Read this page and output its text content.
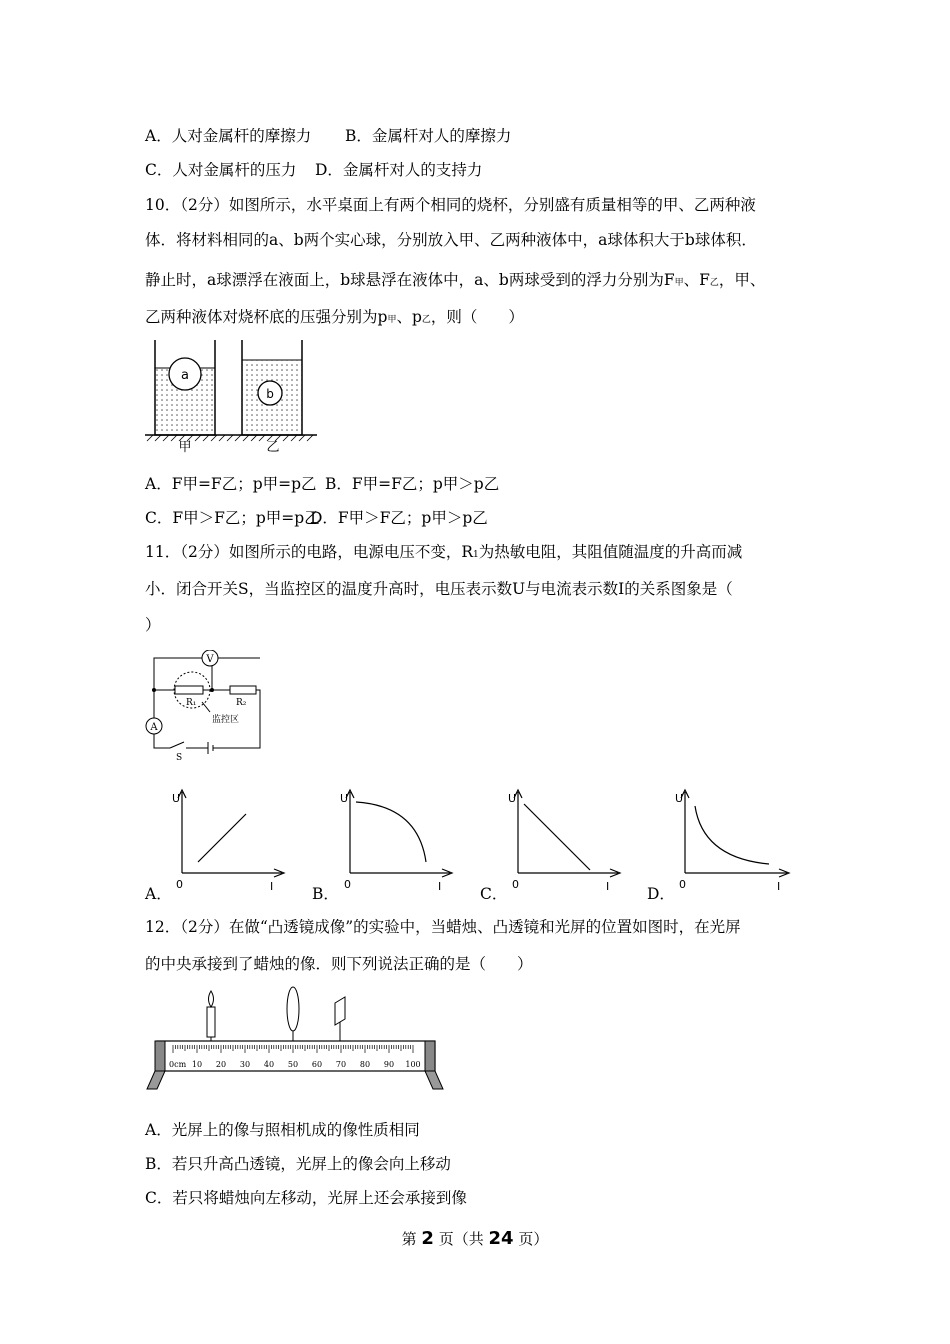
A．人对金属杆的摩擦力 B．金属杆对人的摩擦力
C．人对金属杆的压力 D．金属杆对人的支持力
10．（2分）如图所示，水平桌面上有两个相同的烧杯，分别盛有质量相等的甲、乙两种液
体．将材料相同的a、b两个实心球，分别放入甲、乙两种液体中，a球体积大于b球体积．
静止时，a球漂浮在液面上，b球悬浮在液体中，a、b两球受到的浮力分别为F甲、F乙，甲、
乙两种液体对烧杯底的压强分别为p甲、p乙，则（　　）
a
b
甲	乙
A．F甲=F乙；p甲=p乙 B．F甲=F乙；p甲＞p乙
C．F甲＞F乙；p甲=p乙
D．F甲＞F乙；p甲＞p乙
11．（2分）如图所示的电路，电源电压不变，R1为热敏电阻，其阻值随温度的升高而减
小．闭合开关S，当监控区的温度升高时，电压表示数U与电流表示数I的关系图象是（
）
V
A
R₁	R₂
监控区
S
A．
U
0	I	B．
U
0	I	C．
U
0	I D．
U
0	I
12．（2分）在做“凸透镜成像”的实验中，当蜡烛、凸透镜和光屏的位置如图时，在光屏
的中央承接到了蜡烛的像．则下列说法正确的是（　　）
0cm 10 20 30 40 50 60 70 80 90 100
A．光屏上的像与照相机成的像性质相同
B．若只升高凸透镜，光屏上的像会向上移动
C．若只将蜡烛向左移动，光屏上还会承接到像
第 2 页（共 24 页）
